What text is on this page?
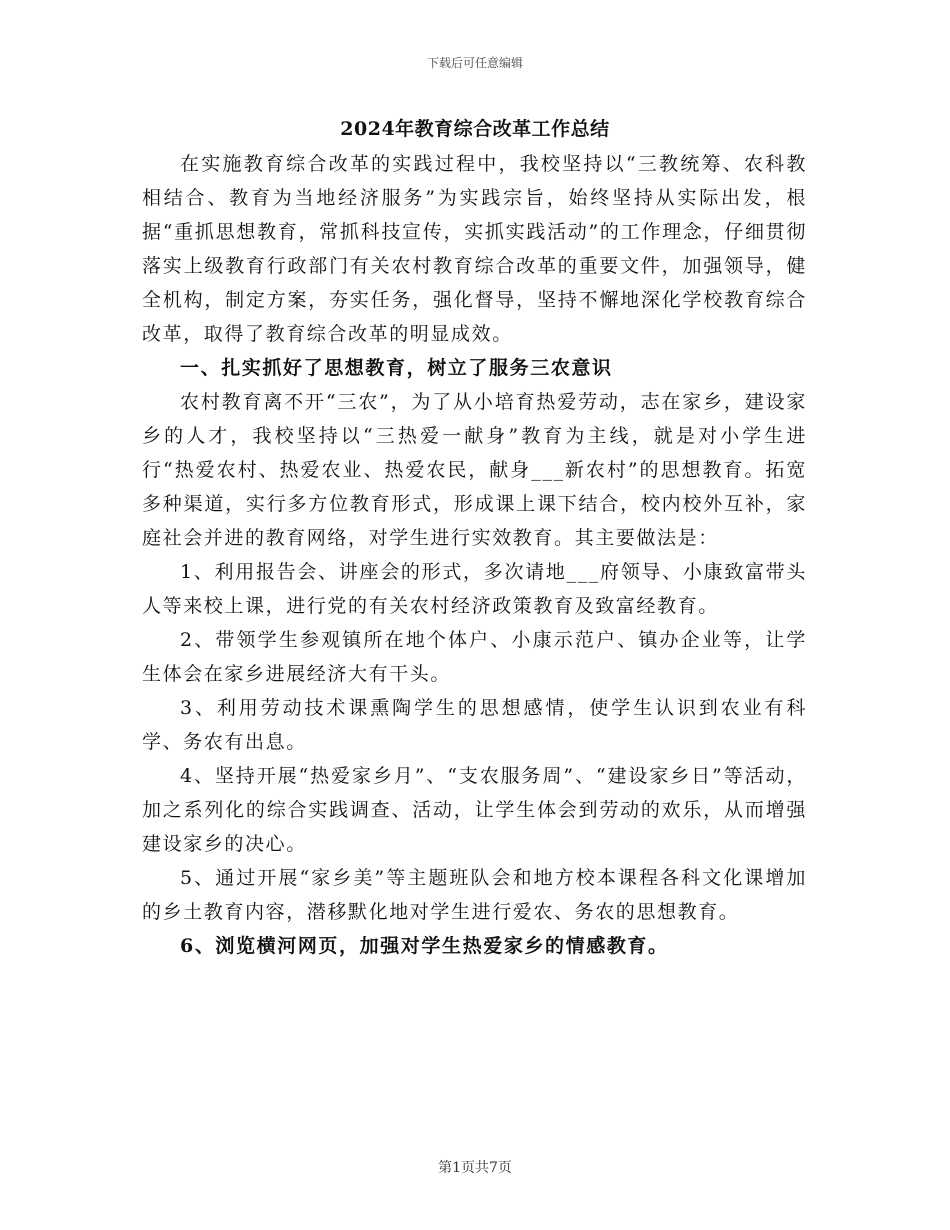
下载后可任意编辑
2024年教育综合改革工作总结

在实施教育综合改革的实践过程中，我校坚持以“三教统筹、农科教相结合、教育为当地经济服务”为实践宗旨，始终坚持从实际出发，根据“重抓思想教育，常抓科技宣传，实抓实践活动”的工作理念，仔细贯彻落实上级教育行政部门有关农村教育综合改革的重要文件，加强领导，健全机构，制定方案，夯实任务，强化督导，坚持不懈地深化学校教育综合改革，取得了教育综合改革的明显成效。

一、扎实抓好了思想教育，树立了服务三农意识

农村教育离不开“三农”，为了从小培育热爱劳动，志在家乡，建设家乡的人才，我校坚持以“三热爱一献身”教育为主线，就是对小学生进行“热爱农村、热爱农业、热爱农民，献身___新农村”的思想教育。拓宽多种渠道，实行多方位教育形式，形成课上课下结合，校内校外互补，家庭社会并进的教育网络，对学生进行实效教育。其主要做法是：

1、利用报告会、讲座会的形式，多次请地___府领导、小康致富带头人等来校上课，进行党的有关农村经济政策教育及致富经教育。

2、带领学生参观镇所在地个体户、小康示范户、镇办企业等，让学生体会在家乡进展经济大有干头。

3、利用劳动技术课熏陶学生的思想感情，使学生认识到农业有科学、务农有出息。

4、坚持开展“热爱家乡月”、“支农服务周”、“建设家乡日”等活动，加之系列化的综合实践调查、活动，让学生体会到劳动的欢乐，从而增强建设家乡的决心。

5、通过开展“家乡美”等主题班队会和地方校本课程各科文化课增加的乡土教育内容，潜移默化地对学生进行爱农、务农的思想教育。

6、浏览横河网页，加强对学生热爱家乡的情感教育。

第1页共7页
